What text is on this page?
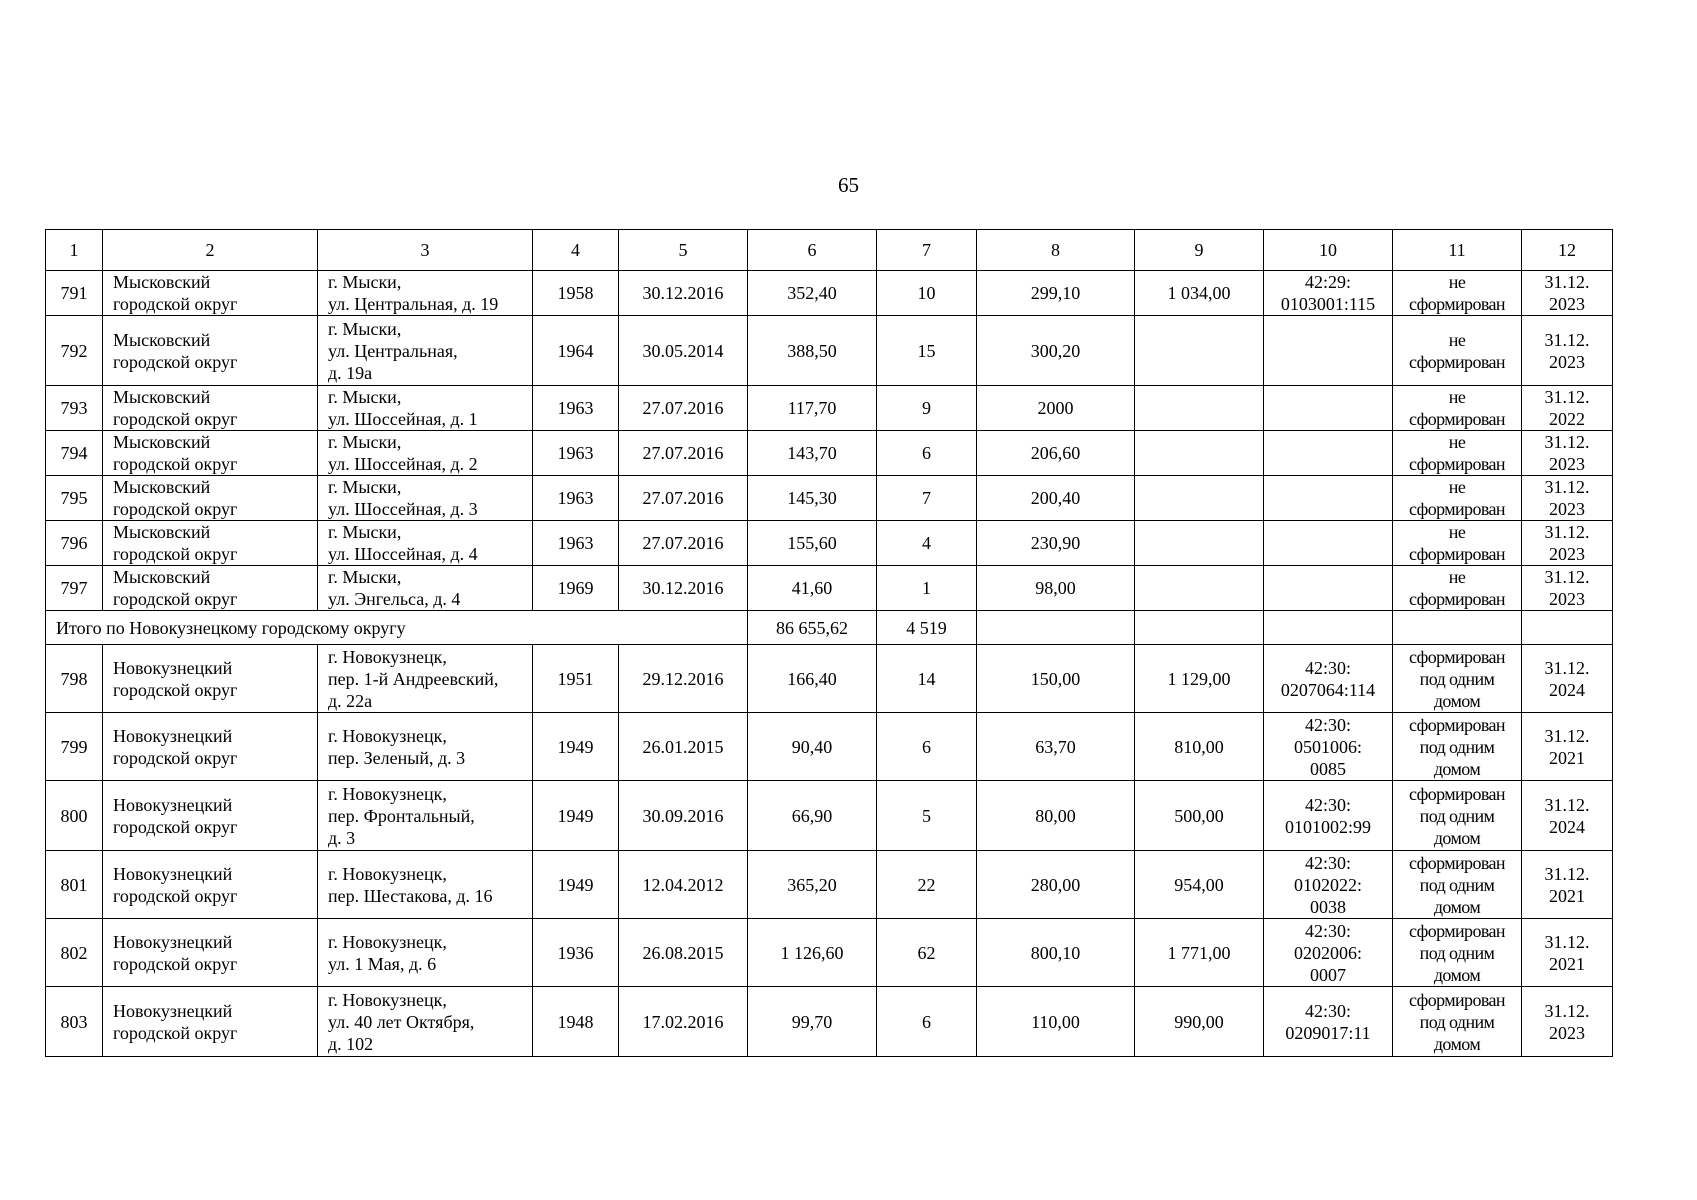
65
1	2	3	4	5	6	7	8	9	10	11	12
791	Мысковский
городской округ	г. Мыски,
ул. Центральная, д. 19	1958	30.12.2016	352,40	10	299,10	1 034,00	42:29:
0103001:115	не
сформирован	31.12.
2023

792	Мысковский
городской округ	г. Мыски,
ул. Центральная,
д. 19а	1964	30.05.2014	388,50	15	300,20			не
сформирован	31.12.
2023

793	Мысковский
городской округ	г. Мыски,
ул. Шоссейная, д. 1	1963	27.07.2016	117,70	9	2000			не
сформирован	31.12.
2022

794	Мысковский
городской округ	г. Мыски,
ул. Шоссейная, д. 2	1963	27.07.2016	143,70	6	206,60			не
сформирован	31.12.
2023

795	Мысковский
городской округ	г. Мыски,
ул. Шоссейная, д. 3	1963	27.07.2016	145,30	7	200,40			не
сформирован	31.12.
2023

796	Мысковский
городской округ	г. Мыски,
ул. Шоссейная, д. 4	1963	27.07.2016	155,60	4	230,90			не
сформирован	31.12.
2023

797	Мысковский
городской округ	г. Мыски,
ул. Энгельса, д. 4	1969	30.12.2016	41,60	1	98,00			не
сформирован	31.12.
2023

Итого по Новокузнецкому городскому округу					86 655,62	4 519					
798	Новокузнецкий
городской округ	г. Новокузнецк,
пер. 1-й Андреевский,
д. 22а	1951	29.12.2016	166,40	14	150,00	1 129,00	42:30:
0207064:114	сформирован
под одним
домом	31.12.
2024

799	Новокузнецкий
городской округ	г. Новокузнецк,
пер. Зеленый, д. 3	1949	26.01.2015	90,40	6	63,70	810,00	42:30:
0501006:
0085	сформирован
под одним
домом	31.12.
2021

800	Новокузнецкий
городской округ	г. Новокузнецк,
пер. Фронтальный,
д. 3	1949	30.09.2016	66,90	5	80,00	500,00	42:30:
0101002:99	сформирован
под одним
домом	31.12.
2024

801	Новокузнецкий
городской округ	г. Новокузнецк,
пер. Шестакова, д. 16	1949	12.04.2012	365,20	22	280,00	954,00	42:30:
0102022:
0038	сформирован
под одним
домом	31.12.
2021

802	Новокузнецкий
городской округ	г. Новокузнецк,
ул. 1 Мая, д. 6	1936	26.08.2015	1 126,60	62	800,10	1 771,00	42:30:
0202006:
0007	сформирован
под одним
домом	31.12.
2021

803	Новокузнецкий
городской округ	г. Новокузнецк,
ул. 40 лет Октября,
д. 102	1948	17.02.2016	99,70	6	110,00	990,00	42:30:
0209017:11	сформирован
под одним
домом	31.12.
2023
